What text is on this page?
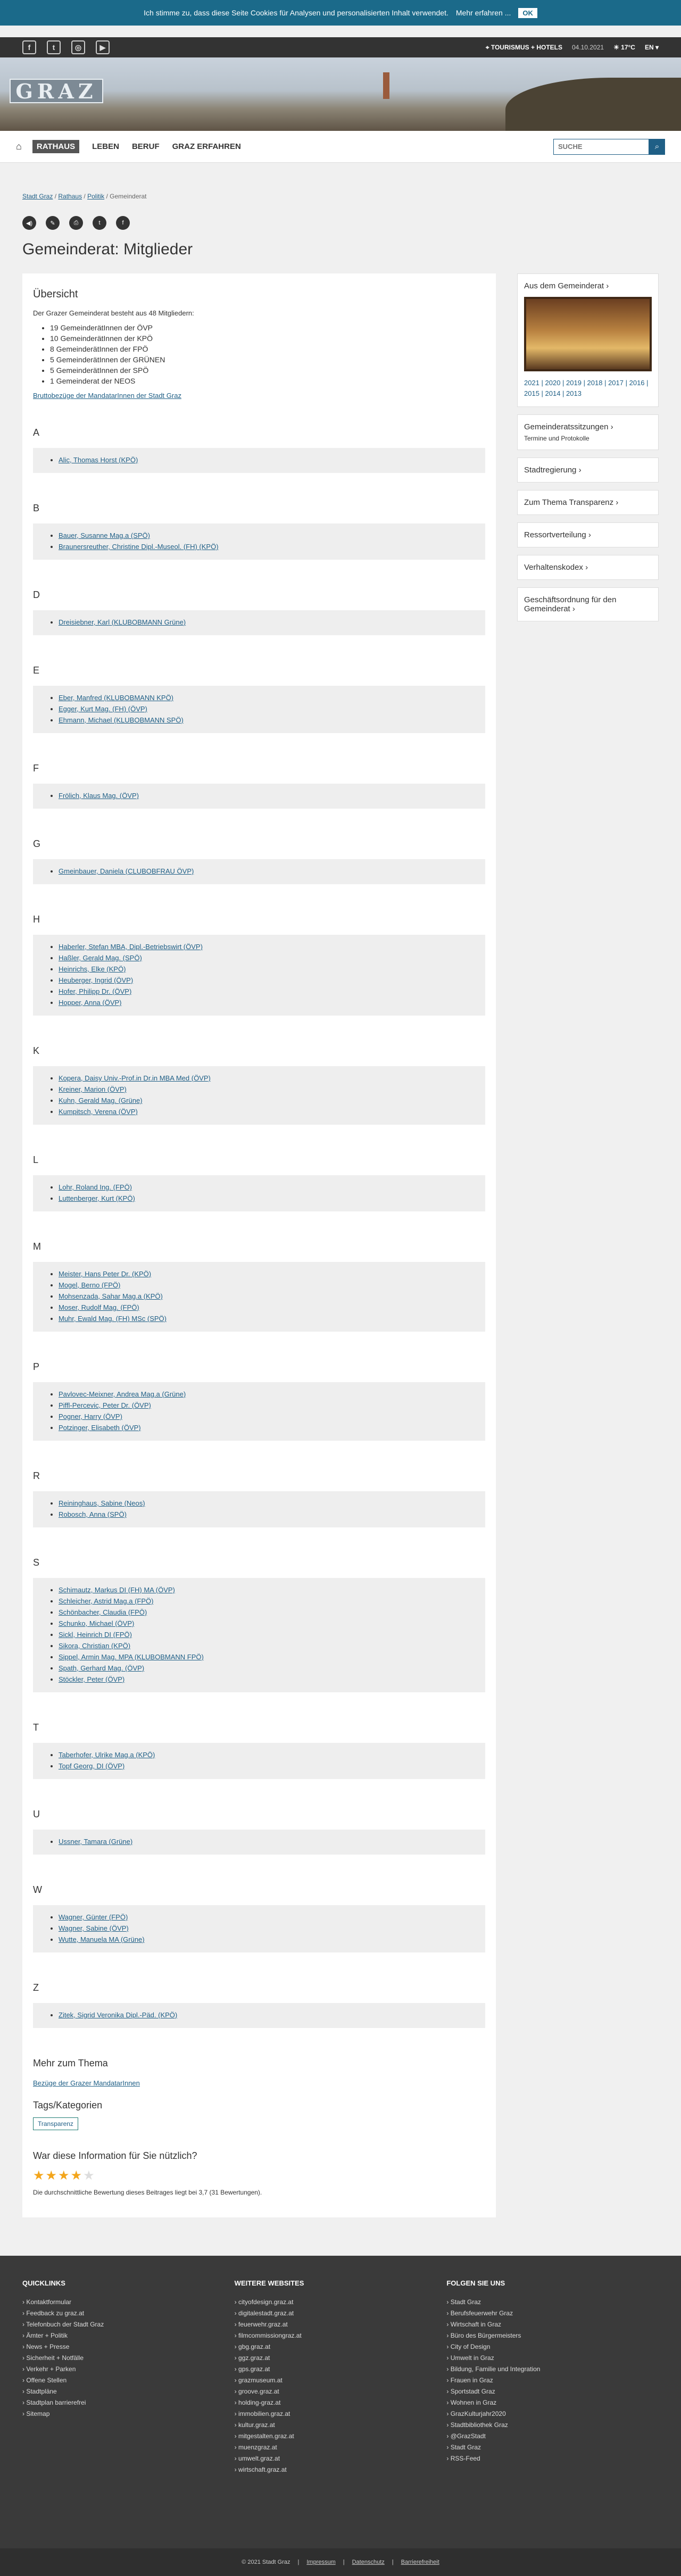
Ich stimme zu, dass diese Seite Cookies für Analysen und personalisierten Inhalt verwendet. Mehr erfahren ...	OK
f	t	◎	▶	⌖ TOURISMUS + HOTELS 04.10.2021 ☀ 17°C EN ▾
GRAZ
⌂	RATHAUS	LEBEN BERUF GRAZ ERFAHREN
SUCHE	⌕
Stadt Graz / Rathaus / Politik / Gemeinderat
◀)	✎	⎙	t	f
Gemeinderat: Mitglieder
Übersicht

Der Grazer Gemeinderat besteht aus 48 Mitgliedern:

• 19 GemeinderätInnen der ÖVP
• 10 GemeinderätInnen der KPÖ
• 8 GemeinderätInnen der FPÖ
• 5 GemeinderätInnen der GRÜNEN
• 5 GemeinderätInnen der SPÖ
• 1 Gemeinderat der NEOS
Bruttobezüge der MandatarInnen der Stadt Graz
A
• Alic, Thomas Horst (KPÖ)
B
• Bauer, Susanne Mag.a (SPÖ)
• Braunersreuther, Christine Dipl.-Museol. (FH) (KPÖ)
D
• Dreisiebner, Karl (KLUBOBMANN Grüne)
E
• Eber, Manfred (KLUBOBMANN KPÖ)
• Egger, Kurt Mag. (FH) (ÖVP)
• Ehmann, Michael (KLUBOBMANN SPÖ)
F
• Frölich, Klaus Mag. (ÖVP)
G
• Gmeinbauer, Daniela (CLUBOBFRAU ÖVP)
H
• Haberler, Stefan MBA, Dipl.-Betriebswirt (ÖVP)
• Haßler, Gerald Mag. (SPÖ)
• Heinrichs, Elke (KPÖ)
• Heuberger, Ingrid (ÖVP)
• Hofer, Philipp Dr. (ÖVP)
• Hopper, Anna (ÖVP)
K
• Kopera, Daisy Univ.-Prof.in Dr.in MBA Med (ÖVP)
• Kreiner, Marion (ÖVP)
• Kuhn, Gerald Mag. (Grüne)
• Kumpitsch, Verena (ÖVP)
L
• Lohr, Roland Ing. (FPÖ)
• Luttenberger, Kurt (KPÖ)
M
• Meister, Hans Peter Dr. (KPÖ)
• Mogel, Berno (FPÖ)
• Mohsenzada, Sahar Mag.a (KPÖ)
• Moser, Rudolf Mag. (FPÖ)
• Muhr, Ewald Mag. (FH) MSc (SPÖ)
P
• Pavlovec-Meixner, Andrea Mag.a (Grüne)
• Piffl-Percevic, Peter Dr. (ÖVP)
• Pogner, Harry (ÖVP)
• Potzinger, Elisabeth (ÖVP)
R
• Reininghaus, Sabine (Neos)
• Robosch, Anna (SPÖ)
S
• Schimautz, Markus DI (FH) MA (ÖVP)
• Schleicher, Astrid Mag.a (FPÖ)
• Schönbacher, Claudia (FPÖ)
• Schunko, Michael (ÖVP)
• Sickl, Heinrich DI (FPÖ)
• Sikora, Christian (KPÖ)
• Sippel, Armin Mag. MPA (KLUBOBMANN FPÖ)
• Spath, Gerhard Mag. (ÖVP)
• Stöckler, Peter (ÖVP)
T
• Taberhofer, Ulrike Mag.a (KPÖ)
• Topf Georg, DI (ÖVP)
U
• Ussner, Tamara (Grüne)
W
• Wagner, Günter (FPÖ)
• Wagner, Sabine (ÖVP)
• Wutte, Manuela MA (Grüne)
Z
• Zitek, Sigrid Veronika Dipl.-Päd. (KPÖ)
Mehr zum Thema
Bezüge der Grazer MandatarInnen
Tags/Kategorien
Transparenz
War diese Information für Sie nützlich?
★ ★ ★ ★ ★

Die durchschnittliche Bewertung dieses Beitrages liegt bei 3,7 (31 Bewertungen).

Aus dem Gemeinderat ›
2021 | 2020 | 2019 | 2018 | 2017 | 2016 | 2015 | 2014 | 2013
Gemeinderatssitzungen ›
Termine und Protokolle
Stadtregierung ›
Zum Thema Transparenz ›
Ressortverteilung ›
Verhaltenskodex ›
Geschäftsordnung für den Gemeinderat ›
QUICKLINKS
› Kontaktformular
› Feedback zu graz.at
› Telefonbuch der Stadt Graz
› Ämter + Politik
› News + Presse
› Sicherheit + Notfälle
› Verkehr + Parken
› Offene Stellen
› Stadtpläne
› Stadtplan barrierefrei
› Sitemap
WEITERE WEBSITES
› cityofdesign.graz.at
› digitalestadt.graz.at
› feuerwehr.graz.at
› filmcommissiongraz.at
› gbg.graz.at
› ggz.graz.at
› gps.graz.at
› grazmuseum.at
› groove.graz.at
› holding-graz.at
› immobilien.graz.at
› kultur.graz.at
› mitgestalten.graz.at
› muenzgraz.at
› umwelt.graz.at
› wirtschaft.graz.at
FOLGEN SIE UNS
› Stadt Graz
› Berufsfeuerwehr Graz
› Wirtschaft in Graz
› Büro des Bürgermeisters
› City of Design
› Umwelt in Graz
› Bildung, Familie und Integration
› Frauen in Graz
› Sportstadt Graz
› Wohnen in Graz
› GrazKulturjahr2020
› Stadtbibliothek Graz
› @GrazStadt
› Stadt Graz
› RSS-Feed
© 2021 Stadt Graz | Impressum | Datenschutz | Barrierefreiheit
